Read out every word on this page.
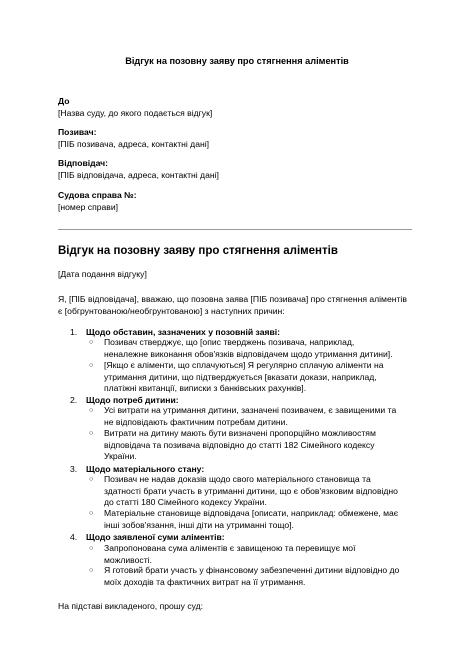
Відгук на позовну заяву про стягнення аліментів
До
[Назва суду, до якого подається відгук]
Позивач:
[ПІБ позивача, адреса, контактні дані]
Відповідач:
[ПІБ відповідача, адреса, контактні дані]
Судова справа №:
[номер справи]
Відгук на позовну заяву про стягнення аліментів
[Дата подання відгуку]
Я, [ПІБ відповідача], вважаю, що позовна заява [ПІБ позивача] про стягнення аліментів
є [обгрунтованою/необгрунтованою] з наступних причин:
1. Щодо обставин, зазначених у позовній заяві:
○ Позивач стверджує, що [опис тверджень позивача, наприклад,
неналежне виконання обов'язків відповідачем щодо утримання дитини].
○ [Якщо є аліменти, що сплачуються] Я регулярно сплачую аліменти на
утримання дитини, що підтверджується [вказати докази, наприклад,
платіжні квитанції, виписки з банківських рахунків].
2. Щодо потреб дитини:
○ Усі витрати на утримання дитини, зазначені позивачем, є завищеними та
не відповідають фактичним потребам дитини.
○ Витрати на дитину мають бути визначені пропорційно можливостям
відповідача та позивача відповідно до статті 182 Сімейного кодексу
України.
3. Щодо матеріального стану:
○ Позивач не надав доказів щодо свого матеріального становища та
здатності брати участь в утриманні дитини, що є обов'язковим відповідно
до статті 180 Сімейного кодексу України.
○ Матеріальне становище відповідача [описати, наприклад: обмежене, має
інші зобов'язання, інші діти на утриманні тощо].
4. Щодо заявленої суми аліментів:
○ Запропонована сума аліментів є завищеною та перевищує мої
можливості.
○ Я готовий брати участь у фінансовому забезпеченні дитини відповідно до
моїх доходів та фактичних витрат на її утримання.
На підставі викладеного, прошу суд:
